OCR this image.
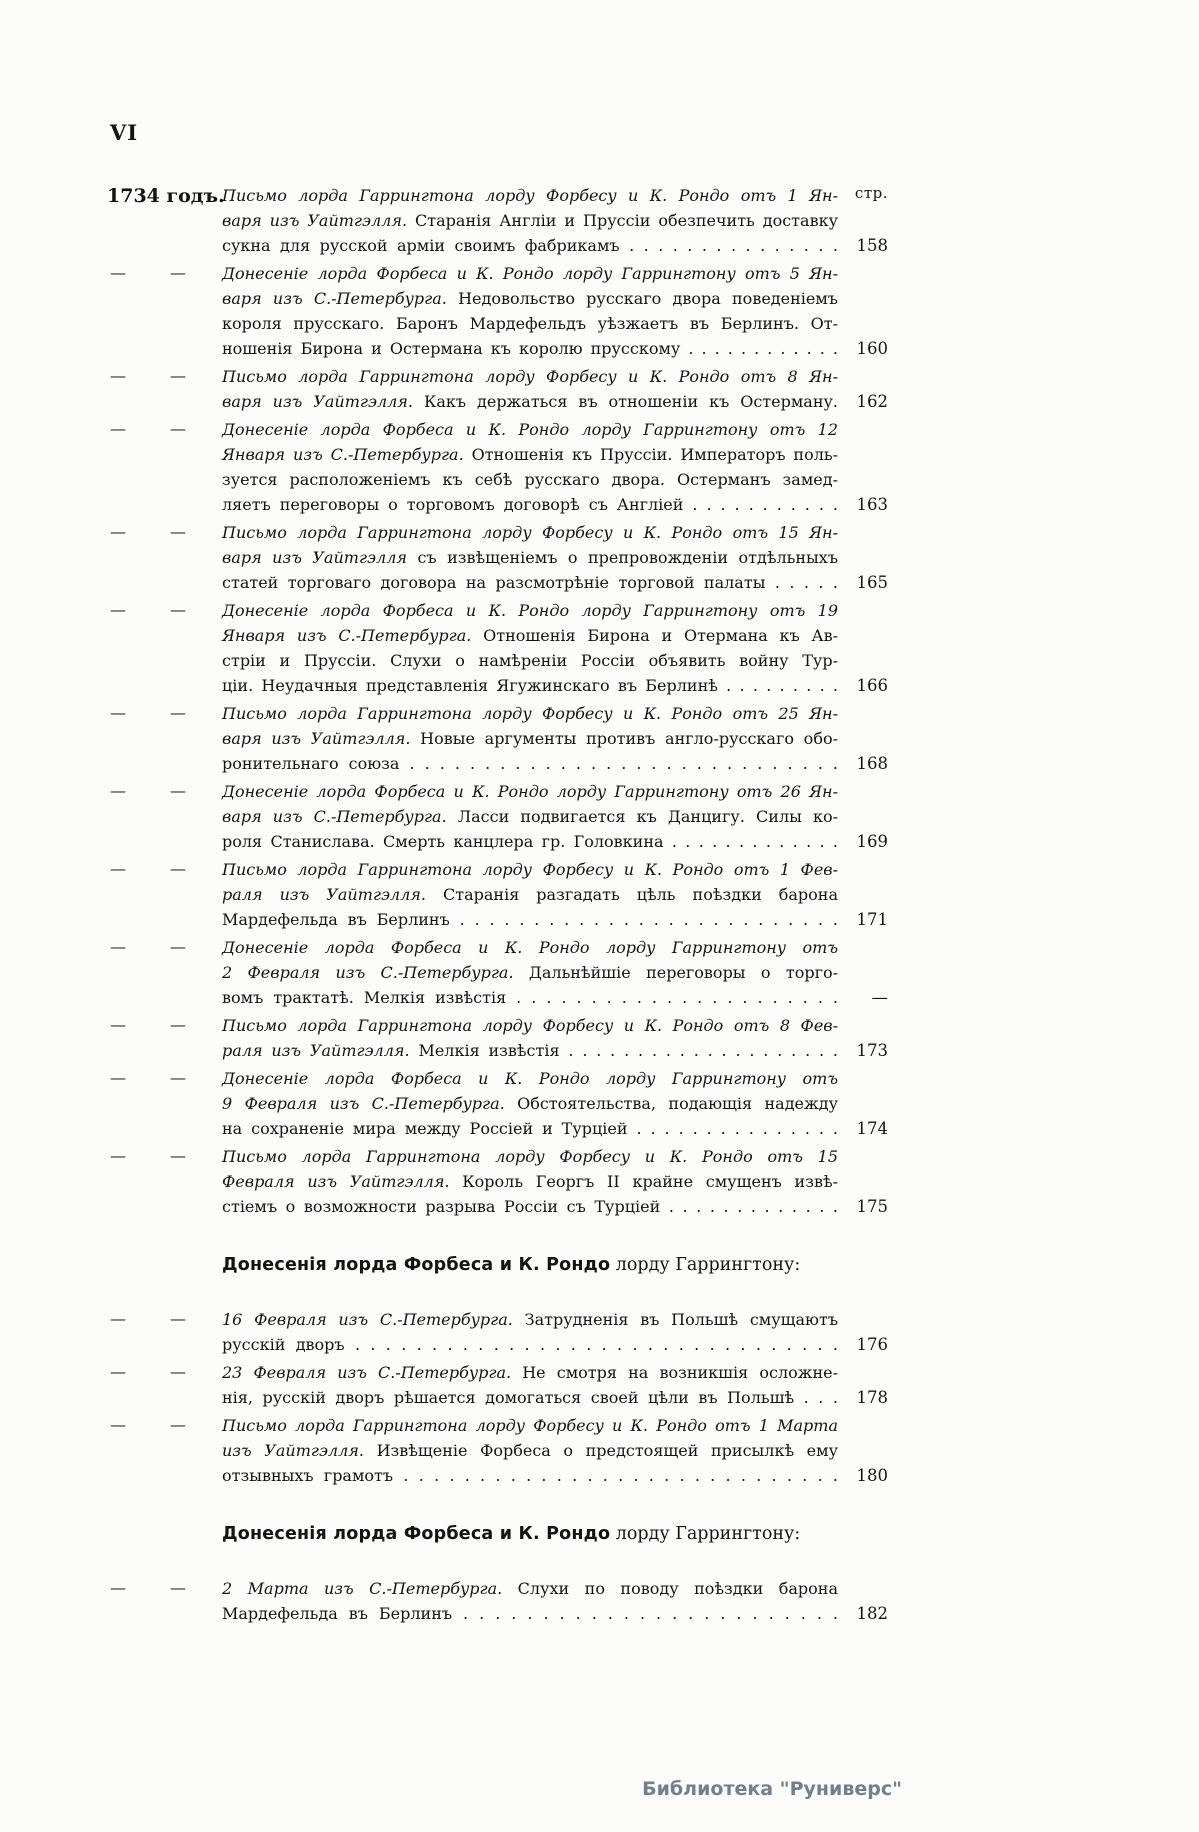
VI
стр.
1734 годъ.
Письмо лорда Гаррингтона лорду Форбесу и К. Рондо отъ 1 Ян-
варя изъ Уайтгэлля. Старанія Англіи и Пруссіи обезпечить доставку
сукна для русской арміи своимъ фабрикамъ . . . . . . . . . . . . . . .	158
—	— Донесеніе лорда Форбеса и К. Рондо лорду Гаррингтону отъ 5 Ян-
варя изъ С.-Петербурга. Недовольство русскаго двора поведеніемъ
короля прусскаго. Баронъ Мардефельдъ уѣзжаетъ въ Берлинъ. От-
ношенія Бирона и Остермана къ королю прусскому . . . . . . . . . . . .	160
—	— Письмо лорда Гаррингтона лорду Форбесу и К. Рондо отъ 8 Ян-
варя изъ Уайтгэлля. Какъ держаться въ отношеніи къ Остерману.	162
—	— Донесеніе лорда Форбеса и К. Рондо лорду Гаррингтону отъ 12
Января изъ С.-Петербурга. Отношенія къ Пруссіи. Императоръ поль-
зуется расположеніемъ къ себѣ русскаго двора. Остерманъ замед-
ляетъ переговоры о торговомъ договорѣ съ Англіей . . . . . . . . . . .	163
—	— Письмо лорда Гаррингтона лорду Форбесу и К. Рондо отъ 15 Ян-
варя изъ Уайтгэлля съ извѣщеніемъ о препровожденіи отдѣльныхъ
статей торговаго договора на разсмотрѣніе торговой палаты . . . . .	165
—	— Донесеніе лорда Форбеса и К. Рондо лорду Гаррингтону отъ 19
Января изъ С.-Петербурга. Отношенія Бирона и Отермана къ Ав-
стріи и Пруссіи. Слухи о намѣреніи Россіи объявить войну Тур-
ціи. Неудачныя представленія Ягужинскаго въ Берлинѣ . . . . . . . . .	166
—	— Письмо лорда Гаррингтона лорду Форбесу и К. Рондо отъ 25 Ян-
варя изъ Уайтгэлля. Новые аргументы противъ англо-русскаго обо-
ронительнаго союза . . . . . . . . . . . . . . . . . . . . . . . . . . . . .	168
—	— Донесеніе лорда Форбеса и К. Рондо лорду Гаррингтону отъ 26 Ян-
варя изъ С.-Петербурга. Ласси подвигается къ Данцигу. Силы ко-
роля Станислава. Смерть канцлера гр. Головкина . . . . . . . . . . . . .	169
—	— Письмо лорда Гаррингтона лорду Форбесу и К. Рондо отъ 1 Фев-
раля изъ Уайтгэлля. Старанія разгадать цѣль поѣздки барона
Мардефельда въ Берлинъ . . . . . . . . . . . . . . . . . . . . . . . . . .	171
—	— Донесеніе лорда Форбеса и К. Рондо лорду Гаррингтону отъ
2 Февраля изъ С.-Петербурга. Дальнѣйшіе переговоры о торго-
вомъ трактатѣ. Мелкія извѣстія . . . . . . . . . . . . . . . . . . . . . .	—
—	— Письмо лорда Гаррингтона лорду Форбесу и К. Рондо отъ 8 Фев-
раля изъ Уайтгэлля. Мелкія извѣстія . . . . . . . . . . . . . . . . . . . .	173
—	— Донесеніе лорда Форбеса и К. Рондо лорду Гаррингтону отъ
9 Февраля изъ С.-Петербурга. Обстоятельства, подающія надежду
на сохраненіе мира между Россіей и Турціей . . . . . . . . . . . . . . .	174
—	— Письмо лорда Гаррингтона лорду Форбесу и К. Рондо отъ 15
Февраля изъ Уайтгэлля. Король Георгъ II крайне смущенъ извѣ-
стіемъ о возможности разрыва Россіи съ Турціей . . . . . . . . . . . . .	175
Донесенія лорда Форбеса и К. Рондо лорду Гаррингтону:
—	— 16 Февраля изъ С.-Петербурга. Затрудненія въ Польшѣ смущаютъ
русскій дворъ . . . . . . . . . . . . . . . . . . . . . . . . . . . . . . . .	176
—	— 23 Февраля изъ С.-Петербурга. Не смотря на возникшія осложне-
нія, русскій дворъ рѣшается домогаться своей цѣли въ Польшѣ . . .	178
—	— Письмо лорда Гаррингтона лорду Форбесу и К. Рондо отъ 1 Марта
изъ Уайтгэлля. Извѣщеніе Форбеса о предстоящей присылкѣ ему
отзывныхъ грамотъ . . . . . . . . . . . . . . . . . . . . . . . . . . . . .	180
Донесенія лорда Форбеса и К. Рондо лорду Гаррингтону:
—	— 2 Марта изъ С.-Петербурга. Слухи по поводу поѣздки барона
Мардефельда въ Берлинъ . . . . . . . . . . . . . . . . . . . . . . . .	182
Библиотека "Руниверс"
